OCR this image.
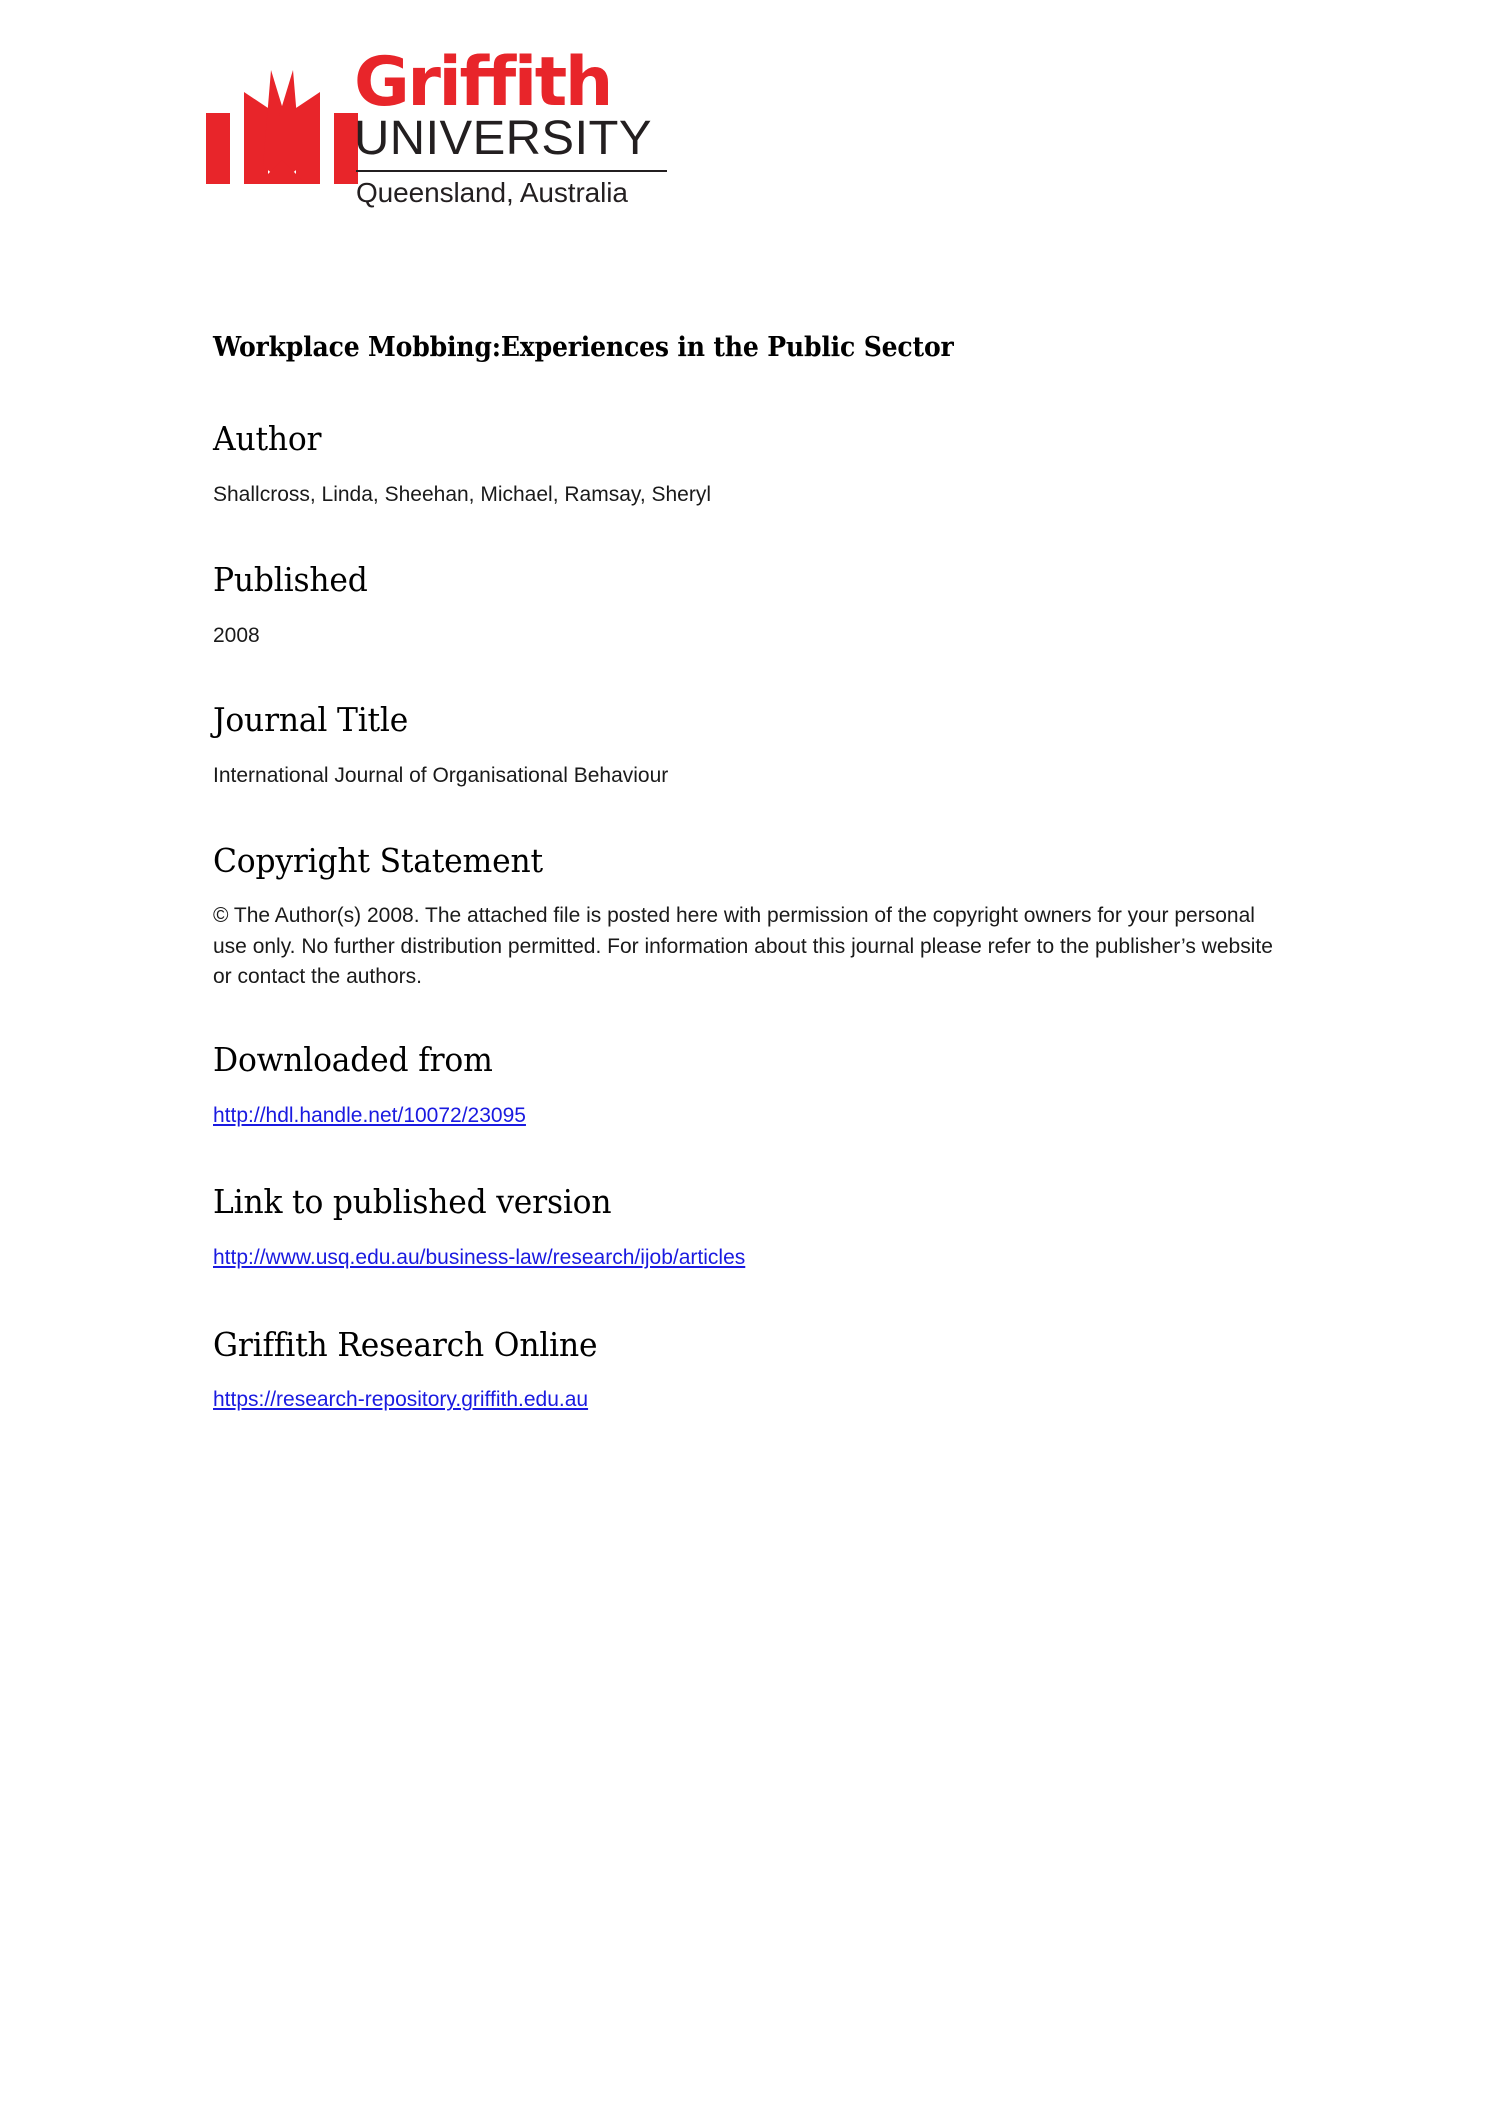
Griffith
UNIVERSITY
Queensland, Australia
Workplace Mobbing:Experiences in the Public Sector
Author

Shallcross, Linda, Sheehan, Michael, Ramsay, Sheryl

Published

2008

Journal Title

International Journal of Organisational Behaviour

Copyright Statement

© The Author(s) 2008. The attached file is posted here with permission of the copyright owners for your personal use only. No further distribution permitted. For information about this journal please refer to the publisher’s website or contact the authors.

Downloaded from
http://hdl.handle.net/10072/23095
Link to published version
http://www.usq.edu.au/business-law/research/ijob/articles
Griffith Research Online
https://research-repository.griffith.edu.au
